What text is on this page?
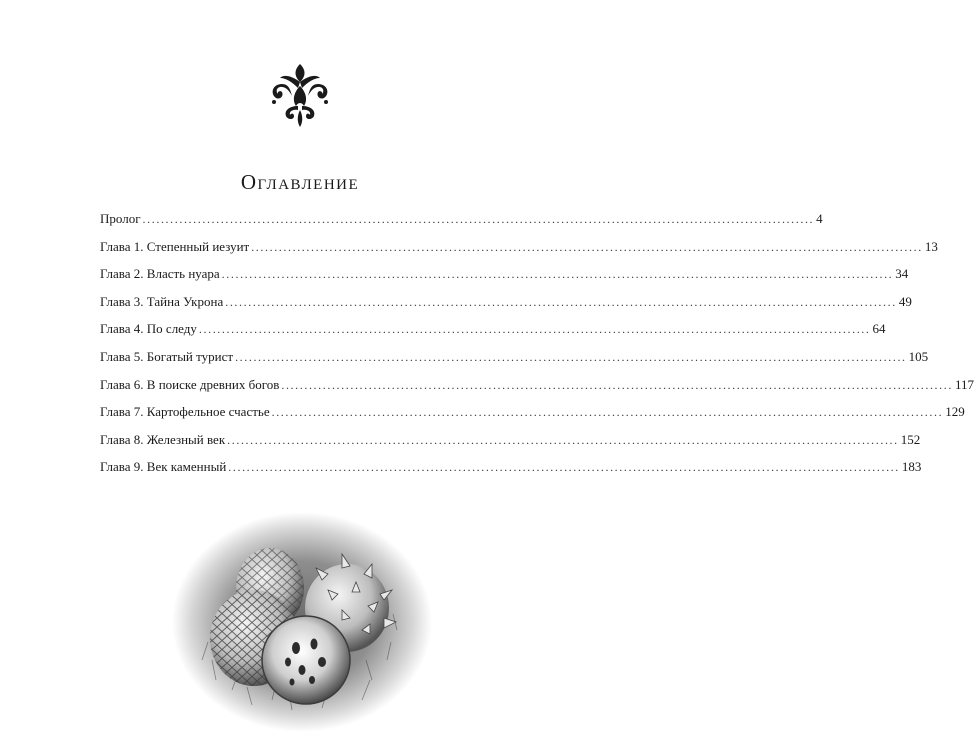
Оглавление
Пролог .................................................................................................................................................. 4
Глава 1. Степенный иезуит .................................................................................................................................................. 13
Глава 2. Власть нуара .................................................................................................................................................. 34
Глава 3. Тайна Укрона .................................................................................................................................................. 49
Глава 4. По следу .................................................................................................................................................. 64
Глава 5. Богатый турист .................................................................................................................................................. 105
Глава 6. В поиске древних богов .................................................................................................................................................. 117
Глава 7. Картофельное счастье .................................................................................................................................................. 129
Глава 8. Железный век .................................................................................................................................................. 152
Глава 9. Век каменный .................................................................................................................................................. 183
